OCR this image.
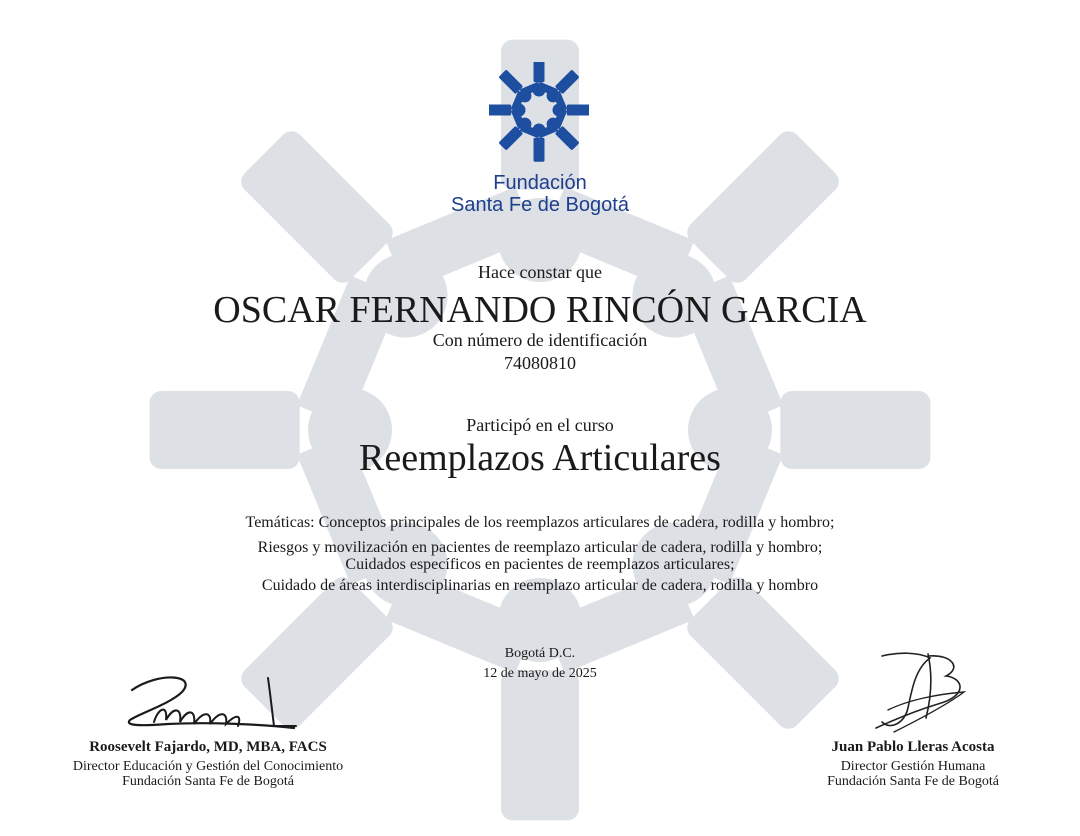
Fundación
Santa Fe de Bogotá
Hace constar que
OSCAR FERNANDO RINCÓN GARCIA
Con número de identificación
74080810
Participó en el curso
Reemplazos Articulares
Temáticas: Conceptos principales de los reemplazos articulares de cadera, rodilla y hombro;
Riesgos y movilización en pacientes de reemplazo articular de cadera, rodilla y hombro;
Cuidados específicos en pacientes de reemplazos articulares;
Cuidado de áreas interdisciplinarias en reemplazo articular de cadera, rodilla y hombro
Bogotá D.C.
12 de mayo de 2025
Roosevelt Fajardo, MD, MBA, FACS
Director Educación y Gestión del Conocimiento
Fundación Santa Fe de Bogotá
Juan Pablo Lleras Acosta
Director Gestión Humana
Fundación Santa Fe de Bogotá
